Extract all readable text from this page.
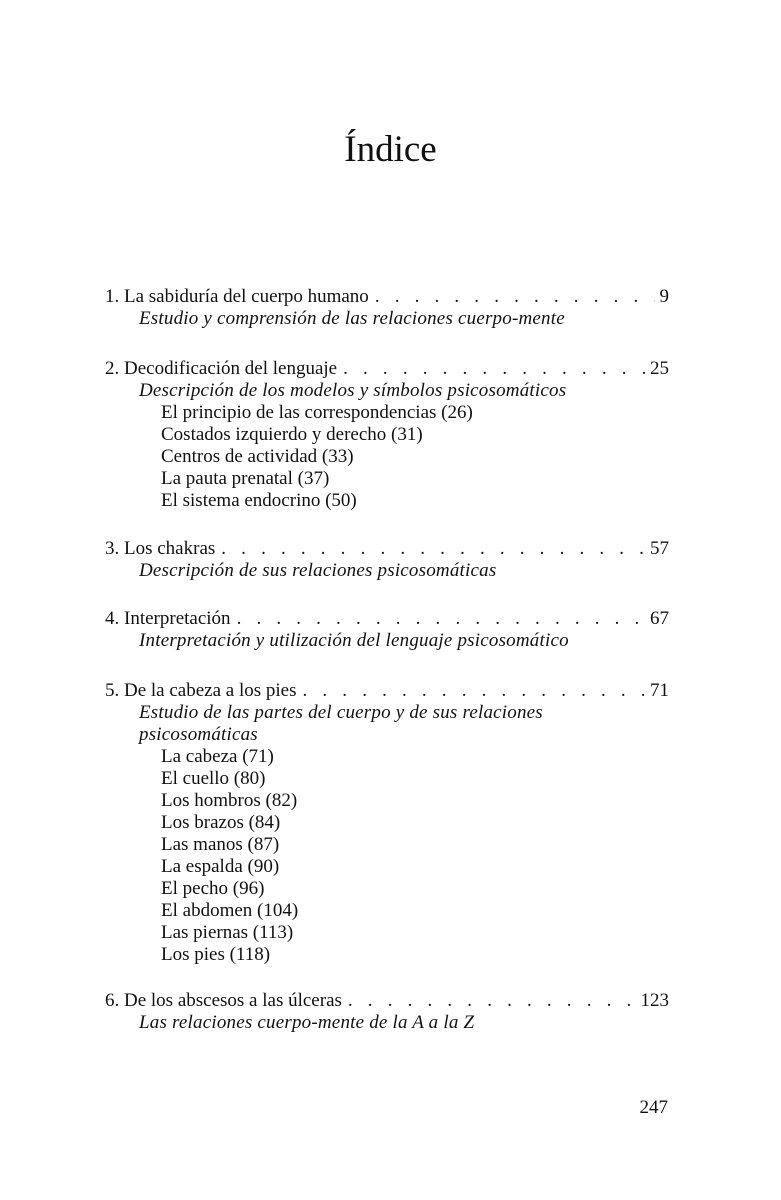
Índice
1. La sabiduría del cuerpo humano . . .	9
Estudio y comprensión de las relaciones cuerpo-mente
2. Decodificación del lenguaje . . .	25
Descripción de los modelos y símbolos psicosomáticos
El principio de las correspondencias (26)
Costados izquierdo y derecho (31)
Centros de actividad (33)
La pauta prenatal (37)
El sistema endocrino (50)
3. Los chakras . . .	57
Descripción de sus relaciones psicosomáticas
4. Interpretación . . .	67
Interpretación y utilización del lenguaje psicosomático
5. De la cabeza a los pies . . .	71
Estudio de las partes del cuerpo y de sus relaciones psicosomáticas
La cabeza (71)
El cuello (80)
Los hombros (82)
Los brazos (84)
Las manos (87)
La espalda (90)
El pecho (96)
El abdomen (104)
Las piernas (113)
Los pies (118)
6. De los abscesos a las úlceras . . .	123
Las relaciones cuerpo-mente de la A a la Z
247
